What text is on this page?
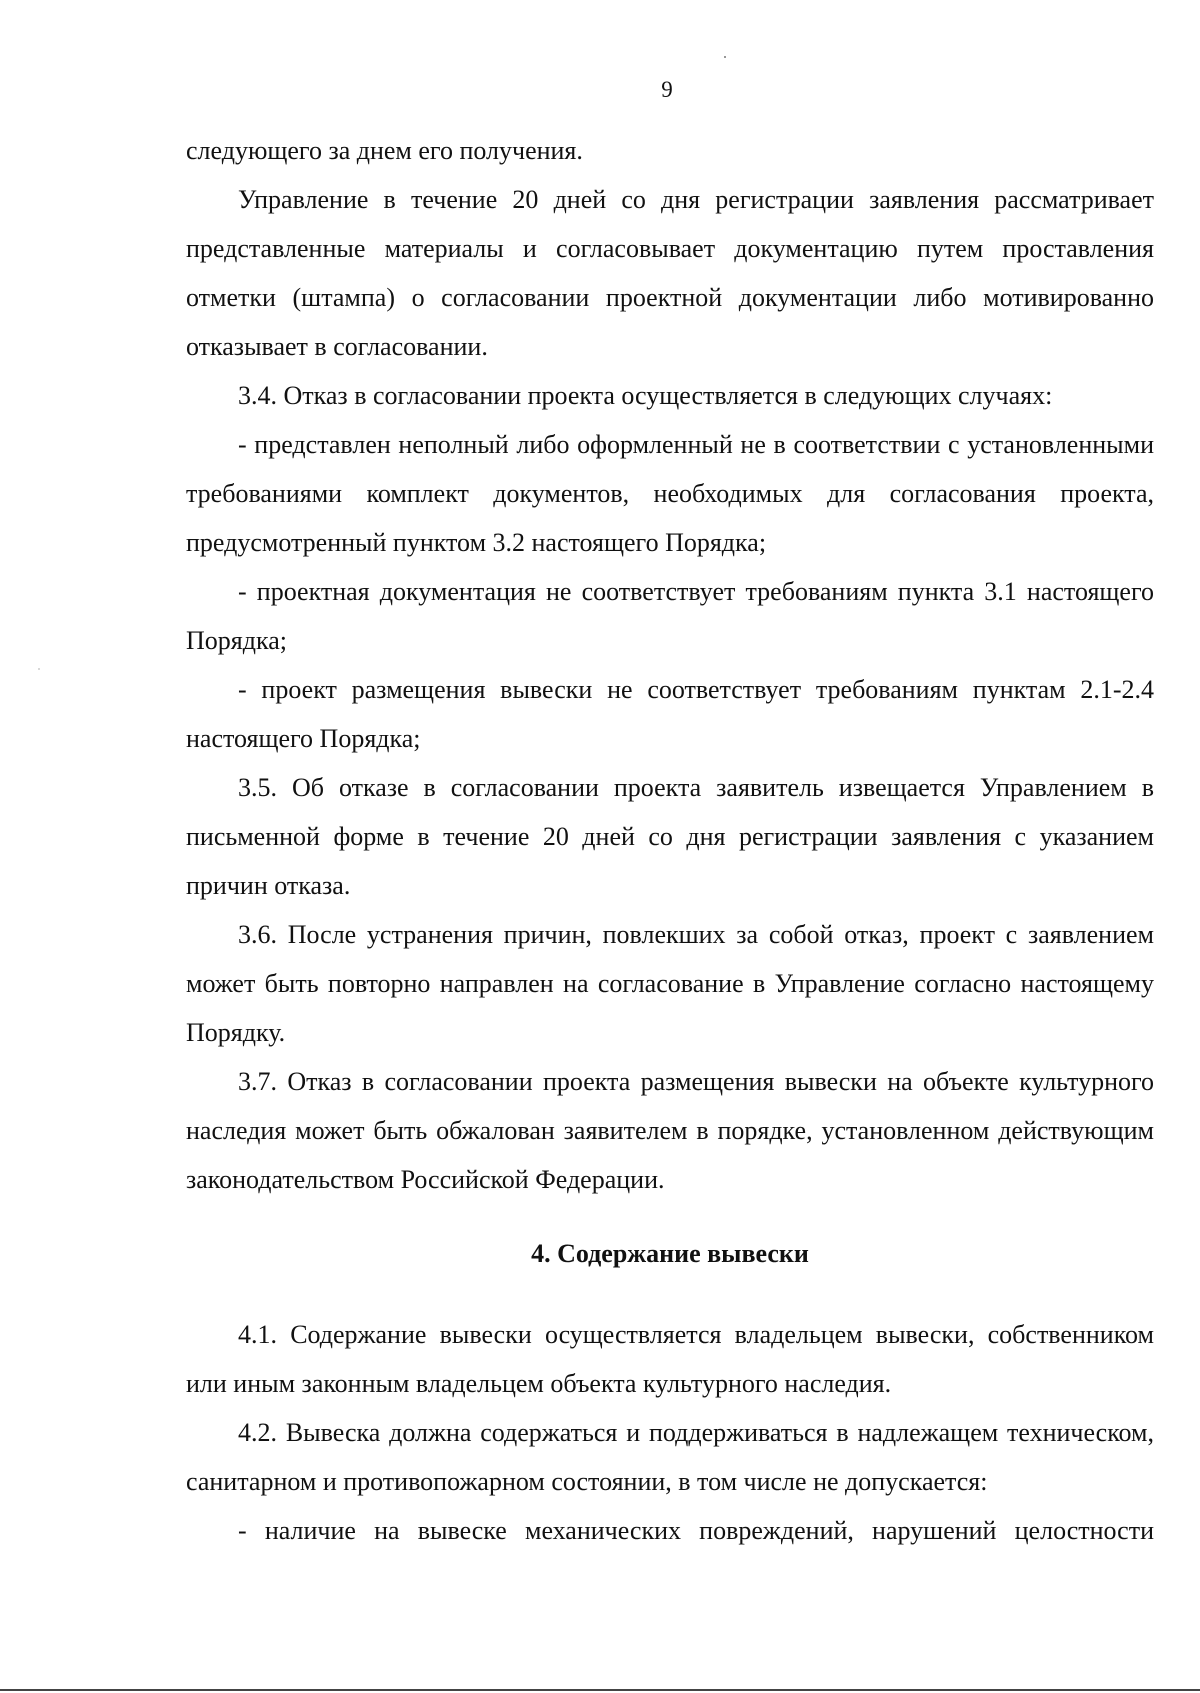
9

следующего за днем его получения.

Управление в течение 20 дней со дня регистрации заявления рассматривает представленные материалы и согласовывает документацию путем проставления отметки (штампа) о согласовании проектной документации либо мотивированно отказывает в согласовании.

3.4. Отказ в согласовании проекта осуществляется в следующих случаях:

- представлен неполный либо оформленный не в соответствии с установленными требованиями комплект документов, необходимых для согласования проекта, предусмотренный пунктом 3.2 настоящего Порядка;

- проектная документация не соответствует требованиям пункта 3.1 настоящего Порядка;

- проект размещения вывески не соответствует требованиям пунктам 2.1-2.4 настоящего Порядка;

3.5. Об отказе в согласовании проекта заявитель извещается Управлением в письменной форме в течение 20 дней со дня регистрации заявления с указанием причин отказа.

3.6. После устранения причин, повлекших за собой отказ, проект с заявлением может быть повторно направлен на согласование в Управление согласно настоящему Порядку.

3.7. Отказ в согласовании проекта размещения вывески на объекте культурного наследия может быть обжалован заявителем в порядке, установленном действующим законодательством Российской Федерации.

4. Содержание вывески

4.1. Содержание вывески осуществляется владельцем вывески, собственником или иным законным владельцем объекта культурного наследия.

4.2. Вывеска должна содержаться и поддерживаться в надлежащем техническом, санитарном и противопожарном состоянии, в том числе не допускается:

- наличие на вывеске механических повреждений, нарушений целостности
